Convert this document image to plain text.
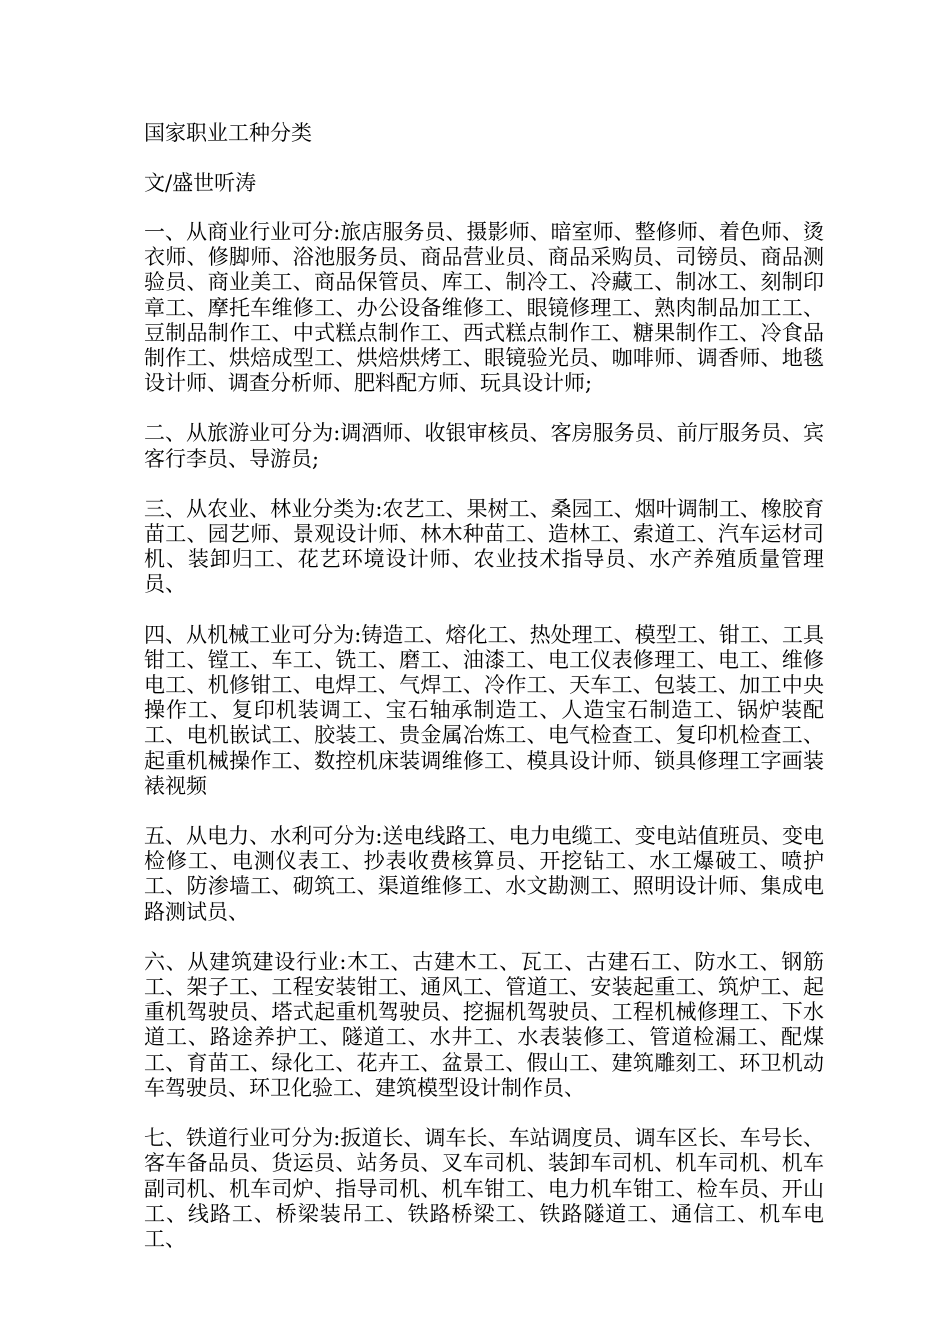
国家职业工种分类

文/盛世听涛

一、从商业行业可分:旅店服务员、摄影师、暗室师、整修师、着色师、烫衣师、修脚师、浴池服务员、商品营业员、商品采购员、司镑员、商品测验员、商业美工、商品保管员、库工、制冷工、冷藏工、制冰工、刻制印章工、摩托车维修工、办公设备维修工、眼镜修理工、熟肉制品加工工、豆制品制作工、中式糕点制作工、西式糕点制作工、糖果制作工、冷食品制作工、烘焙成型工、烘焙烘烤工、眼镜验光员、咖啡师、调香师、地毯设计师、调查分析师、肥料配方师、玩具设计师;

二、从旅游业可分为:调酒师、收银审核员、客房服务员、前厅服务员、宾客行李员、导游员;

三、从农业、林业分类为:农艺工、果树工、桑园工、烟叶调制工、橡胶育苗工、园艺师、景观设计师、林木种苗工、造林工、索道工、汽车运材司机、装卸归工、花艺环境设计师、农业技术指导员、水产养殖质量管理员、

四、从机械工业可分为:铸造工、熔化工、热处理工、模型工、钳工、工具钳工、镗工、车工、铣工、磨工、油漆工、电工仪表修理工、电工、维修电工、机修钳工、电焊工、气焊工、冷作工、天车工、包装工、加工中央操作工、复印机装调工、宝石轴承制造工、人造宝石制造工、锅炉装配工、电机嵌试工、胶装工、贵金属冶炼工、电气检查工、复印机检查工、起重机械操作工、数控机床装调维修工、模具设计师、锁具修理工字画装裱视频

五、从电力、水利可分为:送电线路工、电力电缆工、变电站值班员、变电检修工、电测仪表工、抄表收费核算员、开挖钻工、水工爆破工、喷护工、防渗墙工、砌筑工、渠道维修工、水文勘测工、照明设计师、集成电路测试员、

六、从建筑建设行业:木工、古建木工、瓦工、古建石工、防水工、钢筋工、架子工、工程安装钳工、通风工、管道工、安装起重工、筑炉工、起重机驾驶员、塔式起重机驾驶员、挖掘机驾驶员、工程机械修理工、下水道工、路途养护工、隧道工、水井工、水表装修工、管道检漏工、配煤工、育苗工、绿化工、花卉工、盆景工、假山工、建筑雕刻工、环卫机动车驾驶员、环卫化验工、建筑模型设计制作员、

七、铁道行业可分为:扳道长、调车长、车站调度员、调车区长、车号长、客车备品员、货运员、站务员、叉车司机、装卸车司机、机车司机、机车副司机、机车司炉、指导司机、机车钳工、电力机车钳工、检车员、开山工、线路工、桥梁装吊工、铁路桥梁工、铁路隧道工、通信工、机车电工、
